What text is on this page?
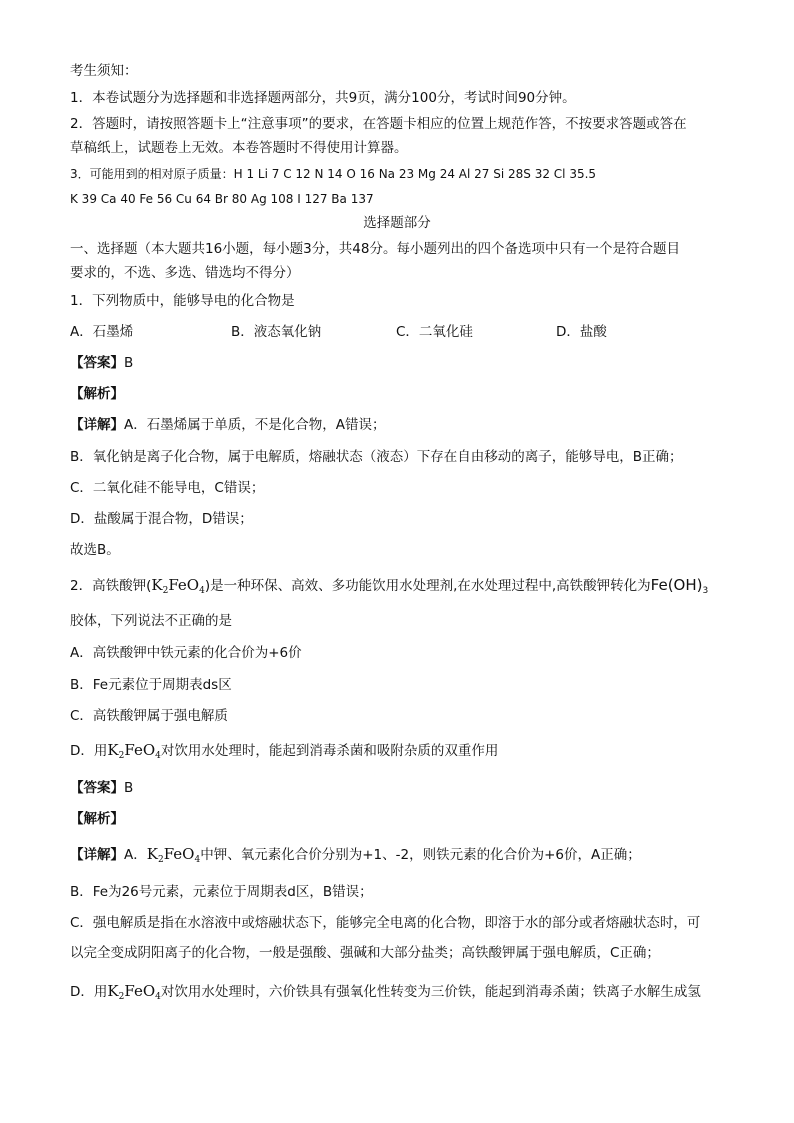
考生须知：
1．本卷试题分为选择题和非选择题两部分，共9页，满分100分，考试时间90分钟。
2．答题时，请按照答题卡上“注意事项”的要求，在答题卡相应的位置上规范作答，不按要求答题或答在
草稿纸上，试题卷上无效。本卷答题时不得使用计算器。
3．可能用到的相对原子质量：H 1 Li 7 C 12 N 14 O 16 Na 23 Mg 24 Al 27 Si 28S 32 Cl 35.5
K 39 Ca 40 Fe 56 Cu 64 Br 80 Ag 108 I 127 Ba 137
选择题部分
一、选择题（本大题共16小题，每小题3分，共48分。每小题列出的四个备选项中只有一个是符合题目
要求的，不选、多选、错选均不得分）
1．下列物质中，能够导电的化合物是
A．石墨烯	B．液态氧化钠	C．二氧化硅	D．盐酸
【答案】B
【解析】
【详解】A．石墨烯属于单质，不是化合物，A错误；
B．氧化钠是离子化合物，属于电解质，熔融状态（液态）下存在自由移动的离子，能够导电，B正确；
C．二氧化硅不能导电，C错误；
D．盐酸属于混合物，D错误；
故选B。
2．高铁酸钾$(K_2FeO_4)$是一种环保、高效、多功能饮用水处理剂,在水处理过程中,高铁酸钾转化为$Fe(OH)_3$
胶体，下列说法不正确的是
A．高铁酸钾中铁元素的化合价为+6价
B．Fe元素位于周期表ds区
C．高铁酸钾属于强电解质
D．用$K_2FeO_4$对饮用水处理时，能起到消毒杀菌和吸附杂质的双重作用
【答案】B
【解析】
【详解】A．$K_2FeO_4$中钾、氧元素化合价分别为+1、-2，则铁元素的化合价为+6价，A正确；
B．Fe为26号元素，元素位于周期表d区，B错误；
C．强电解质是指在水溶液中或熔融状态下，能够完全电离的化合物，即溶于水的部分或者熔融状态时，可
以完全变成阴阳离子的化合物，一般是强酸、强碱和大部分盐类；高铁酸钾属于强电解质，C正确；
D．用$K_2FeO_4$对饮用水处理时，六价铁具有强氧化性转变为三价铁，能起到消毒杀菌；铁离子水解生成氢
